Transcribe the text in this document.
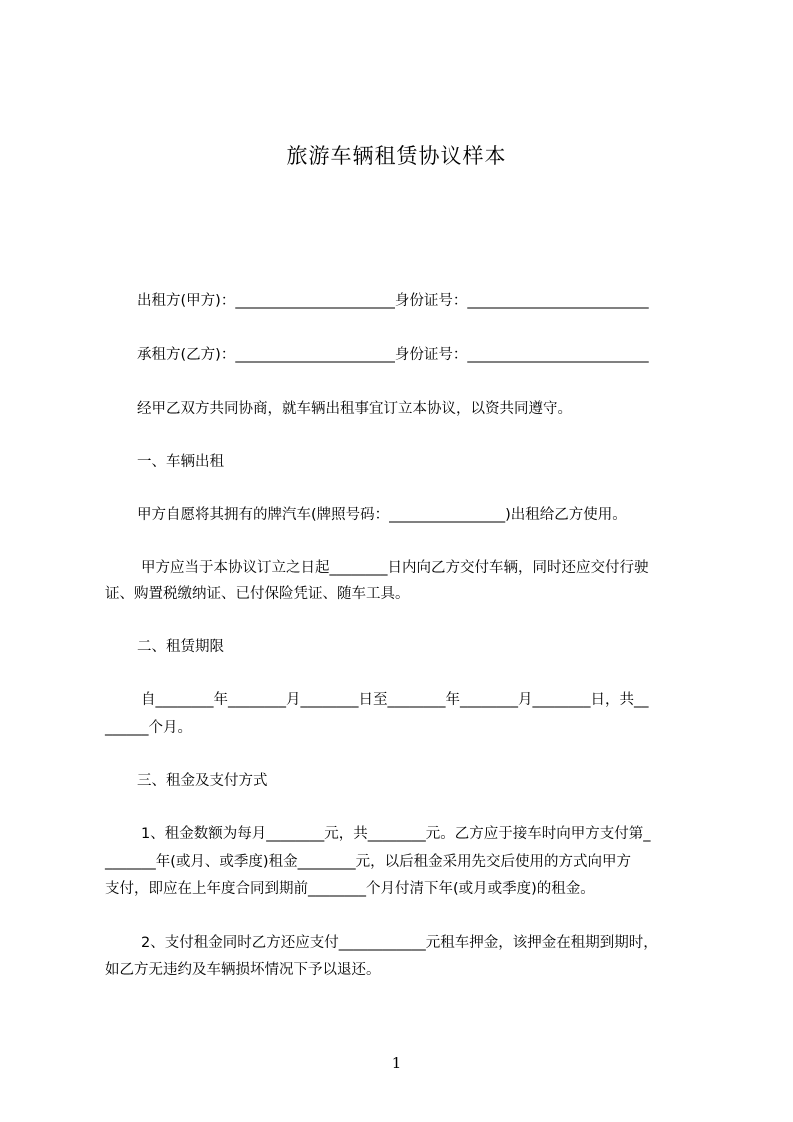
旅游车辆租赁协议样本
出租方(甲方)：______________________身份证号：_________________________
承租方(乙方)：______________________身份证号：_________________________
经甲乙双方共同协商，就车辆出租事宜订立本协议，以资共同遵守。
一、车辆出租
甲方自愿将其拥有的牌汽车(牌照号码：________________)出租给乙方使用。
甲方应当于本协议订立之日起________日内向乙方交付车辆，同时还应交付行驶
证、购置税缴纳证、已付保险凭证、随车工具。
二、租赁期限
自________年________月________日至________年________月________日，共__
______个月。
三、租金及支付方式
1、租金数额为每月________元，共________元。乙方应于接车时向甲方支付第_
_______年(或月、或季度)租金________元，以后租金采用先交后使用的方式向甲方
支付，即应在上年度合同到期前________个月付清下年(或月或季度)的租金。
2、支付租金同时乙方还应支付____________元租车押金，该押金在租期到期时，
如乙方无违约及车辆损坏情况下予以退还。
1
